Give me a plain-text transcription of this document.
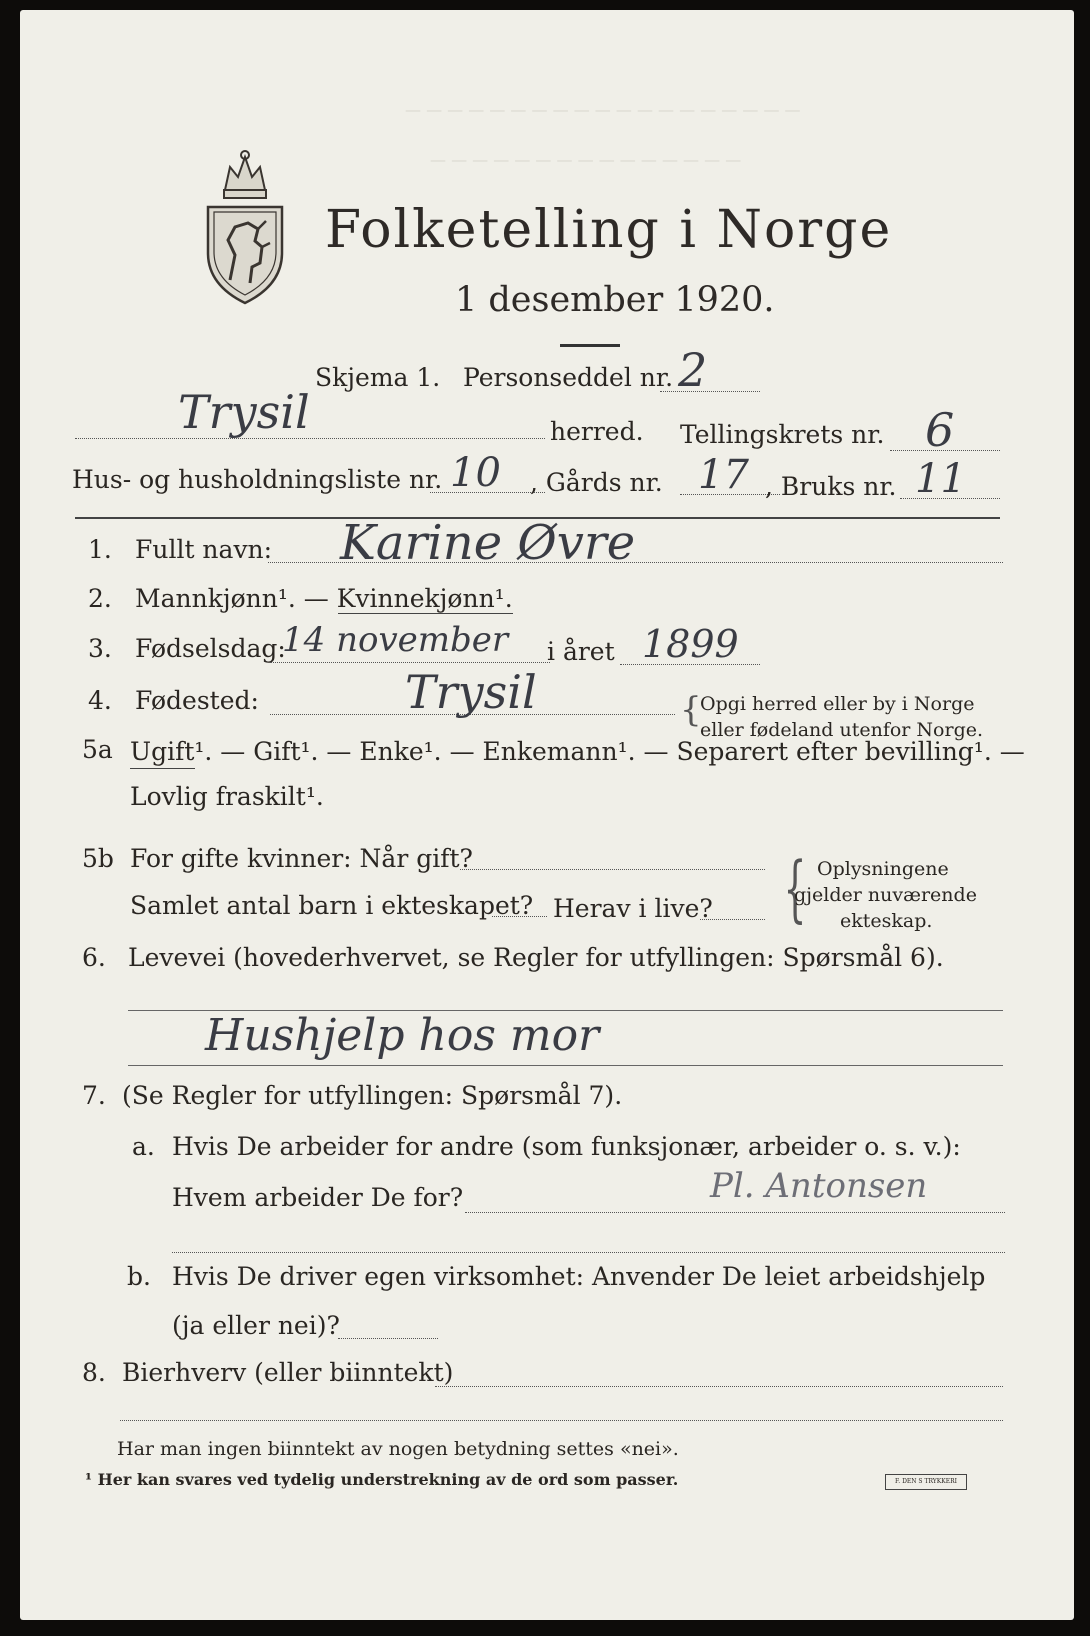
— — — — — — — — — — — — — — — — — — —
— — — — — — — — — — — — — — —
Folketelling i Norge
1 desember 1920.
Skjema 1. Personseddel nr. 2
Trysil	herred. Tellingskrets nr. 6
Hus- og husholdningsliste nr. 10 , Gårds nr. 17 , Bruks nr. 11
1. Fullt navn: Karine Øvre
2. Mannkjønn¹. — Kvinnekjønn¹.
3. Fødselsdag:
14 november i året 1899
4. Fødested:	Trysil	{
Opgi herred eller by i Norge
eller fødeland utenfor Norge.
5a Ugift¹. — Gift¹. — Enke¹. — Enkemann¹. — Separert efter bevilling¹. —
Lovlig fraskilt¹.
5b For gifte kvinner: Når gift?
Samlet antal barn i ekteskapet? Herav i live? { Oplysningene
gjelder nuværende
ekteskap.
6. Levevei (hovederhvervet, se Regler for utfyllingen: Spørsmål 6).
Hushjelp hos mor
7. (Se Regler for utfyllingen: Spørsmål 7).
a. Hvis De arbeider for andre (som funksjonær, arbeider o. s. v.):
Hvem arbeider De for?	Pl. Antonsen
b. Hvis De driver egen virksomhet: Anvender De leiet arbeidshjelp
(ja eller nei)?
8. Bierhverv (eller biinntekt)
Har man ingen biinntekt av nogen betydning settes «nei».
¹ Her kan svares ved tydelig understrekning av de ord som passer.	F. DEN S TRYKKERI
